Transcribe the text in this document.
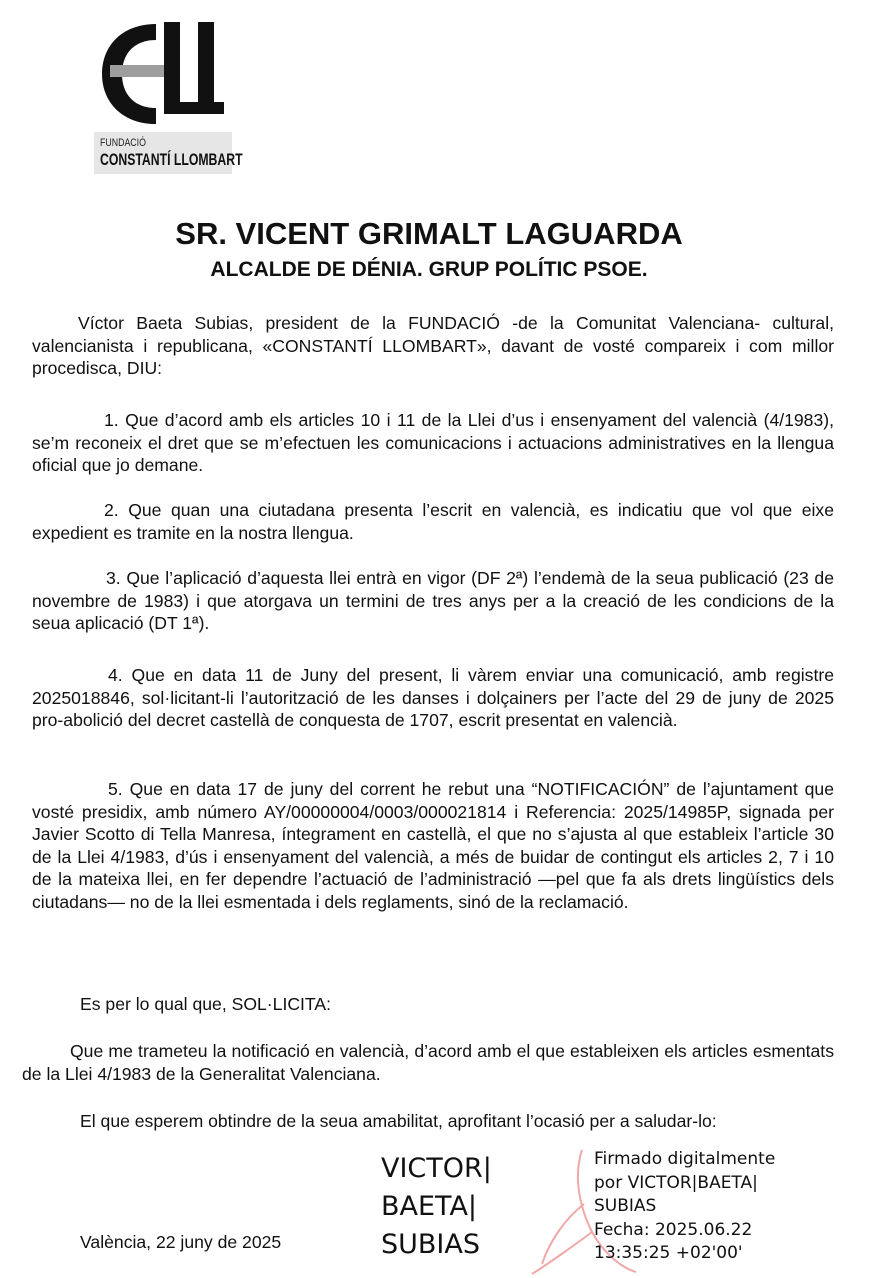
FUNDACIÓ
CONSTANTÍ LLOMBART
SR. VICENT GRIMALT LAGUARDA
ALCALDE DE DÉNIA. GRUP POLÍTIC PSOE.
Víctor Baeta Subias, president de la FUNDACIÓ -de la Comunitat Valenciana- cultural, valencianista i republicana, «CONSTANTÍ LLOMBART», davant de vosté compareix i com millor procedisca, DIU:
1. Que d’acord amb els articles 10 i 11 de la Llei d’us i ensenyament del valencià (4/1983), se’m reconeix el dret que se m’efectuen les comunicacions i actuacions administratives en la llengua oficial que jo demane.
2. Que quan una ciutadana presenta l’escrit en valencià, es indicatiu que vol que eixe expedient es tramite en la nostra llengua.
3. Que l’aplicació d’aquesta llei entrà en vigor (DF 2ª) l’endemà de la seua publicació (23 de novembre de 1983) i que atorgava un termini de tres anys per a la creació de les condicions de la seua aplicació (DT 1ª).
4. Que en data 11 de Juny del present, li vàrem enviar una comunicació, amb registre 2025018846, sol·licitant-li l’autorització de les danses i dolçainers per l’acte del 29 de juny de 2025 pro-abolició del decret castellà de conquesta de 1707, escrit presentat en valencià.
5. Que en data 17 de juny del corrent he rebut una “NOTIFICACIÓN” de l’ajuntament que vosté presidix, amb número AY/00000004/0003/000021814 i Referencia: 2025/14985P, signada per Javier Scotto di Tella Manresa, íntegrament en castellà, el que no s’ajusta al que estableix l’article 30 de la Llei 4/1983, d’ús i ensenyament del valencià, a més de buidar de contingut els articles 2, 7 i 10 de la mateixa llei, en fer dependre l’actuació de l’administració —pel que fa als drets lingüístics dels ciutadans— no de la llei esmentada i dels reglaments, sinó de la reclamació.
Es per lo qual que, SOL·LICITA:
Que me trameteu la notificació en valencià, d’acord amb el que estableixen els articles esmentats de la Llei 4/1983 de la Generalitat Valenciana.
El que esperem obtindre de la seua amabilitat, aprofitant l’ocasió per a saludar-lo:
València, 22 juny de 2025
VICTOR|
BAETA|
SUBIAS
Firmado digitalmente
por VICTOR|BAETA|
SUBIAS
Fecha: 2025.06.22
13:35:25 +02'00'
